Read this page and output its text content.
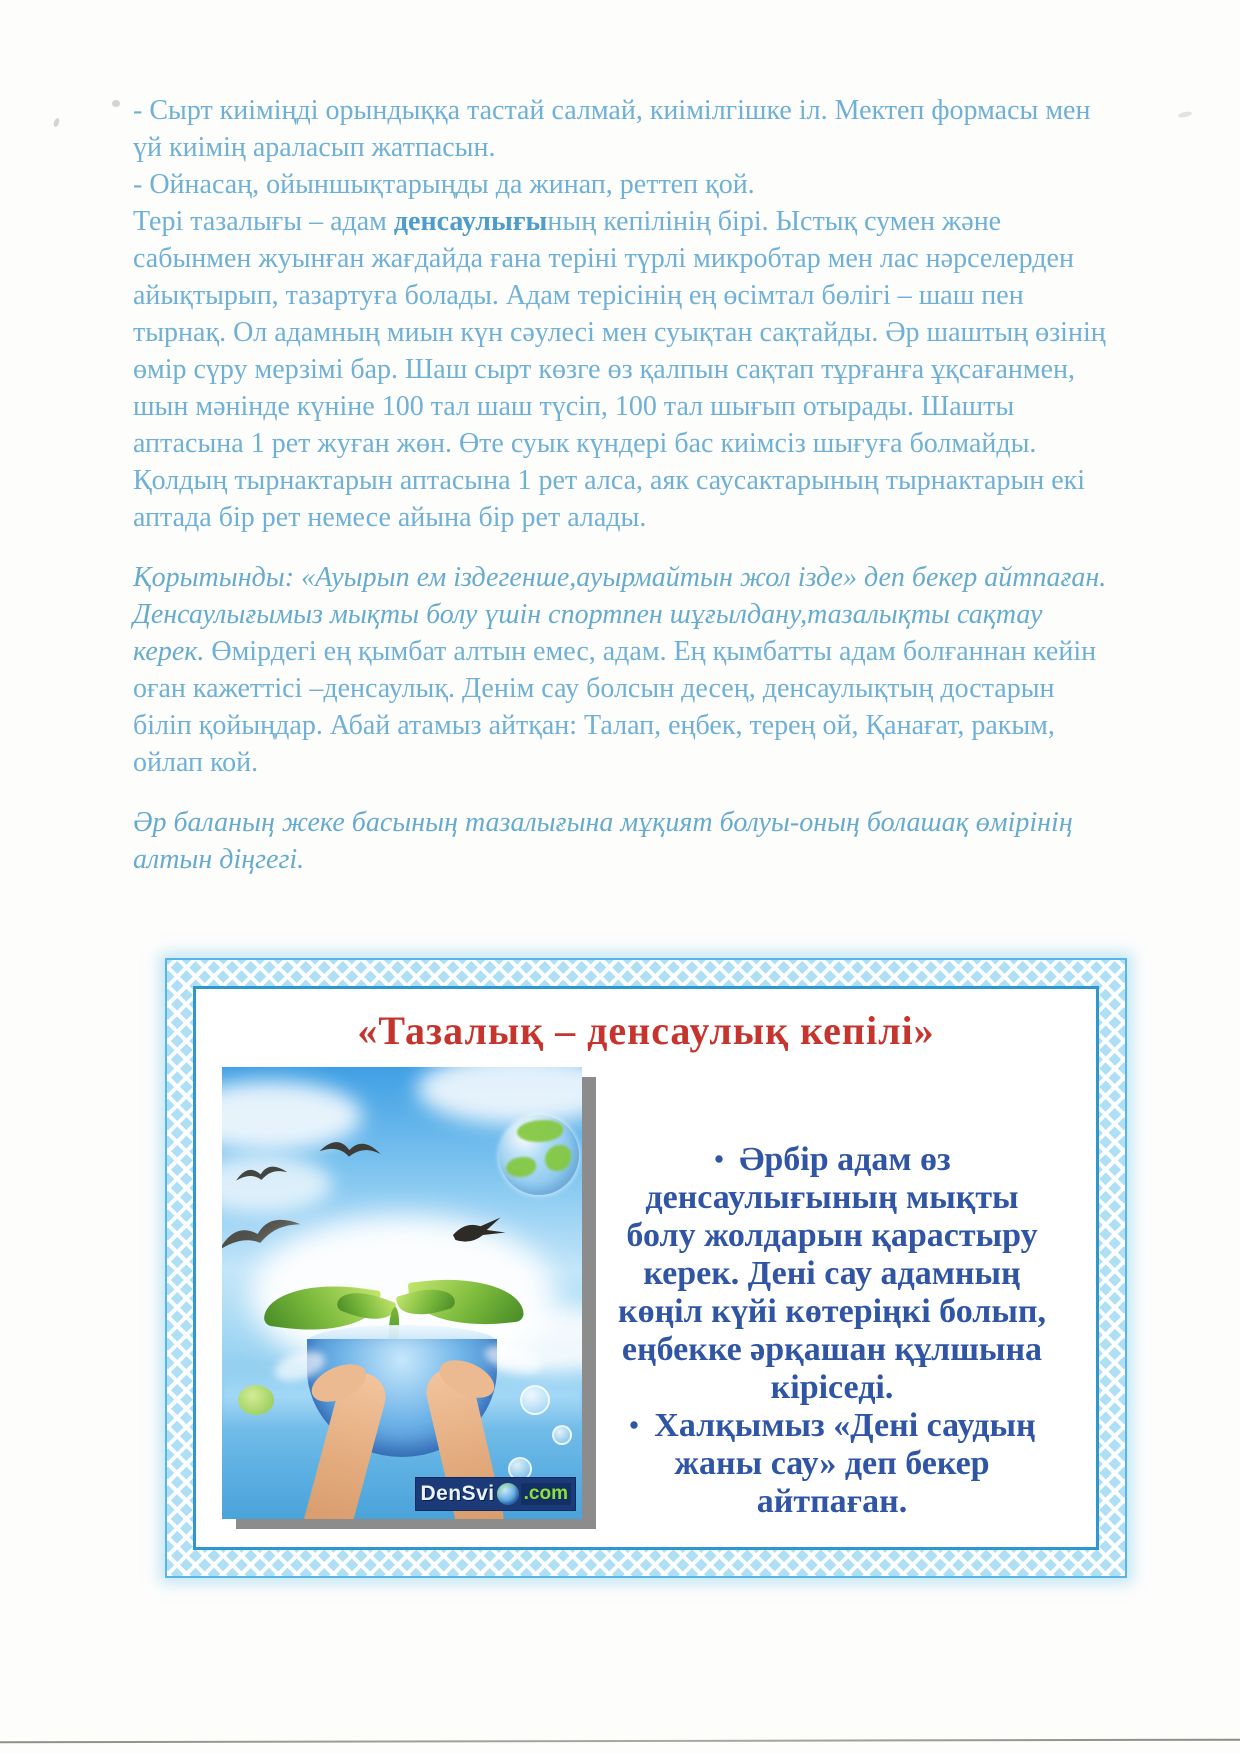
- Сырт киіміңді орындыққа тастай салмай, киімілгішке іл. Мектеп формасы мен үй киімің араласып жатпасын.
- Ойнасаң, ойыншықтарыңды да жинап, реттеп қой.
Тері тазалығы – адам денсаулығының кепілінің бірі. Ыстық сумен және сабынмен жуынған жағдайда ғана теріні түрлі микробтар мен лас нәрселерден айықтырып, тазартуға болады. Адам терісінің ең өсімтал бөлігі – шаш пен тырнақ. Ол адамның миын күн сәулесі мен суықтан сақтайды. Әр шаштың өзінің өмір сүру мерзімі бар. Шаш сырт көзге өз қалпын сақтап тұрғанға ұқсағанмен, шын мәнінде күніне 100 тал шаш түсіп, 100 тал шығып отырады. Шашты аптасына 1 рет жуған жөн. Өте суык күндері бас киімсіз шығуға болмайды. Қолдың тырнактарын аптасына 1 рет алса, аяк саусактарының тырнактарын екі аптада бір рет немесе айына бір рет алады.

Қорытынды: «Ауырып ем іздегенше,ауырмайтын жол ізде» деп бекер айтпаған. Денсаулығымыз мықты болу үшін спортпен шұғылдану,тазалықты сақтау керек. Өмірдегі ең қымбат алтын емес, адам. Ең қымбатты адам болғаннан кейін оған кажеттісі –денсаулық. Денім сау болсын десең, денсаулықтың достарын біліп қойыңдар. Абай атамыз айтқан: Талап, еңбек, терең ой, Қанағат, ракым, ойлап кой.

Әр баланың жеке басының тазалығына мұқият болуы-оның болашақ өмірінің алтын діңгегі.

«Тазалық – денсаулық кепілі»
DenSvi .com
• Әрбір адам өз денсаулығының мықты болу жолдарын қарастыру керек. Дені сау адамның көңіл күйі көтеріңкі болып, еңбекке әрқашан құлшына кіріседі.
• Халқымыз «Дені саудың жаны сау» деп бекер айтпаған.
